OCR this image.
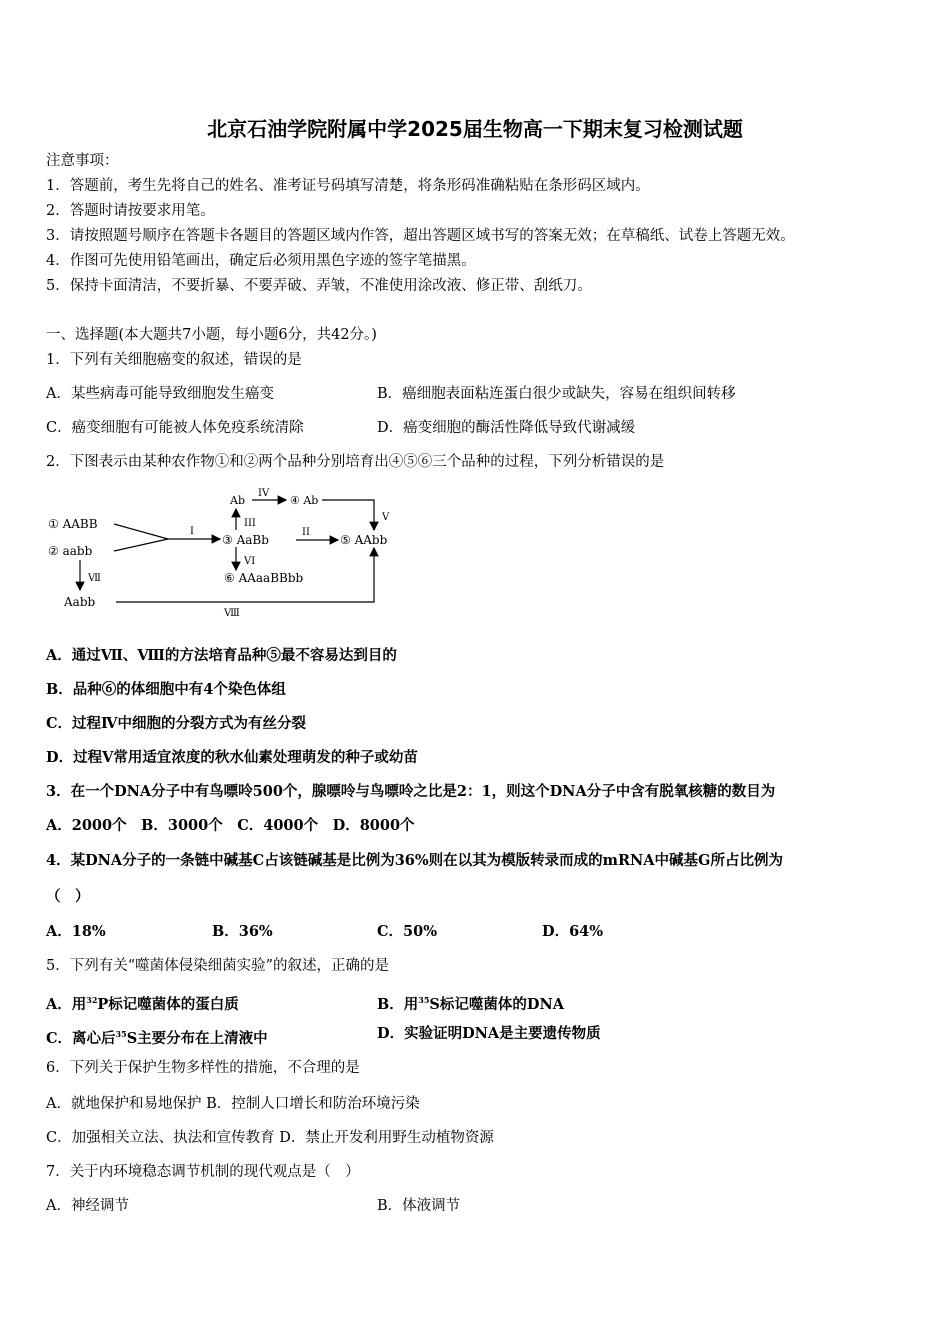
北京石油学院附属中学2025届生物高一下期末复习检测试题
注意事项：
1．答题前，考生先将自己的姓名、准考证号码填写清楚，将条形码准确粘贴在条形码区域内。
2．答题时请按要求用笔。
3．请按照题号顺序在答题卡各题目的答题区域内作答，超出答题区域书写的答案无效；在草稿纸、试卷上答题无效。
4．作图可先使用铅笔画出，确定后必须用黑色字迹的签字笔描黑。
5．保持卡面清洁，不要折暴、不要弄破、弄皱，不准使用涂改液、修正带、刮纸刀。
一、选择题(本大题共7小题，每小题6分，共42分。)
1．下列有关细胞癌变的叙述，错误的是
A．某些病毒可能导致细胞发生癌变	B．癌细胞表面粘连蛋白很少或缺失，容易在组织间转移
C．癌变细胞有可能被人体免疫系统清除	D．癌变细胞的酶活性降低导致代谢减缓
2．下图表示由某种农作物①和②两个品种分别培育出④⑤⑥三个品种的过程，下列分析错误的是
① AABB
② aabb
③ AaBb
Ab	④ Ab
⑤ AAbb
⑥ AAaaBBbb
Aabb
I	II
III
IV
V
VI
Ⅶ
Ⅷ
A．通过Ⅶ、Ⅷ的方法培育品种⑤最不容易达到目的
B．品种⑥的体细胞中有4个染色体组
C．过程Ⅳ中细胞的分裂方式为有丝分裂
D．过程Ⅴ常用适宜浓度的秋水仙素处理萌发的种子或幼苗
3．在一个DNA分子中有鸟嘌呤500个，腺嘌呤与鸟嘌呤之比是2：1，则这个DNA分子中含有脱氧核糖的数目为
A．2000个　B．3000个　C．4000个　D．8000个
4．某DNA分子的一条链中碱基C占该链碱基是比例为36%则在以其为模版转录而成的mRNA中碱基G所占比例为
（　）
A．18%	B．36%	C．50%	D．64%
5．下列有关“噬菌体侵染细菌实验”的叙述，正确的是
A．用$^{32}$P标记噬菌体的蛋白质	B．用$^{35}$S标记噬菌体的DNA
C．离心后$^{35}$S主要分布在上清液中	D．实验证明DNA是主要遗传物质
6．下列关于保护生物多样性的措施，不合理的是
A．就地保护和易地保护 B．控制人口增长和防治环境污染
C．加强相关立法、执法和宣传教育 D．禁止开发利用野生动植物资源
7．关于内环境稳态调节机制的现代观点是（　）
A．神经调节	B．体液调节
